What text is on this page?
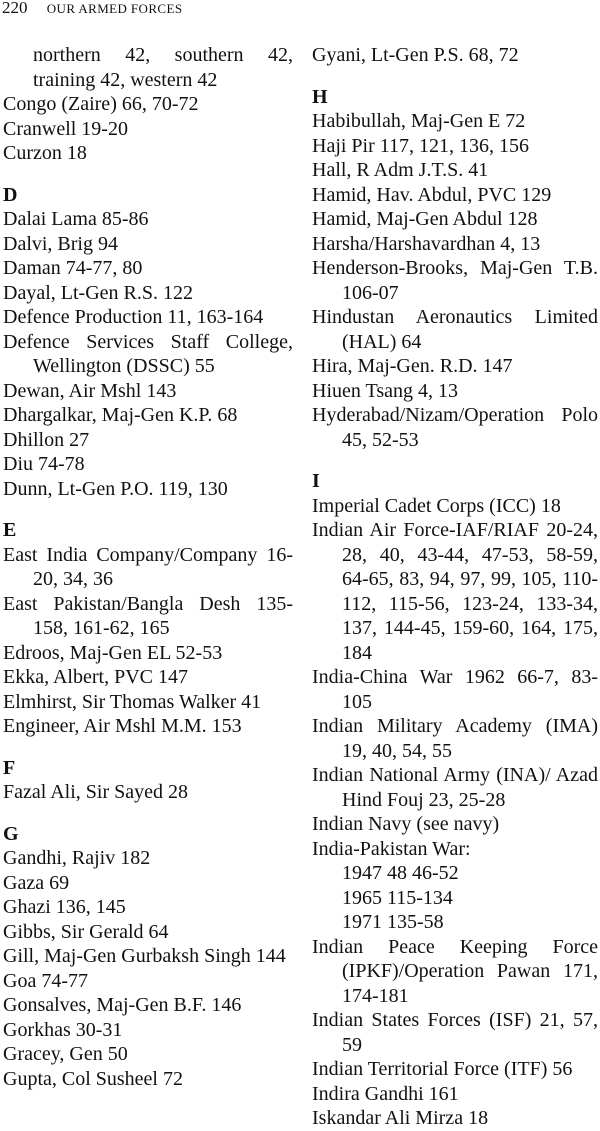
220 OUR ARMED FORCES
northern 42, southern 42, training 42, western 42
Congo (Zaire) 66, 70-72
Cranwell 19-20
Curzon 18
D
Dalai Lama 85-86
Dalvi, Brig 94
Daman 74-77, 80
Dayal, Lt-Gen R.S. 122
Defence Production 11, 163-164
Defence Services Staff College, Wellington (DSSC) 55
Dewan, Air Mshl 143
Dhargalkar, Maj-Gen K.P. 68
Dhillon 27
Diu 74-78
Dunn, Lt-Gen P.O. 119, 130
E
East India Company/Company 16-20, 34, 36
East Pakistan/Bangla Desh 135-158, 161-62, 165
Edroos, Maj-Gen EL 52-53
Ekka, Albert, PVC 147
Elmhirst, Sir Thomas Walker 41
Engineer, Air Mshl M.M. 153
F
Fazal Ali, Sir Sayed 28
G
Gandhi, Rajiv 182
Gaza 69
Ghazi 136, 145
Gibbs, Sir Gerald 64
Gill, Maj-Gen Gurbaksh Singh 144
Goa 74-77
Gonsalves, Maj-Gen B.F. 146
Gorkhas 30-31
Gracey, Gen 50
Gupta, Col Susheel 72
Gyani, Lt-Gen P.S. 68, 72
H
Habibullah, Maj-Gen E 72
Haji Pir 117, 121, 136, 156
Hall, R Adm J.T.S. 41
Hamid, Hav. Abdul, PVC 129
Hamid, Maj-Gen Abdul 128
Harsha/Harshavardhan 4, 13
Henderson-Brooks, Maj-Gen T.B. 106-07
Hindustan Aeronautics Limited (HAL) 64
Hira, Maj-Gen. R.D. 147
Hiuen Tsang 4, 13
Hyderabad/Nizam/Operation Polo 45, 52-53
I
Imperial Cadet Corps (ICC) 18
Indian Air Force-IAF/RIAF 20-24, 28, 40, 43-44, 47-53, 58-59, 64-65, 83, 94, 97, 99, 105, 110-112, 115-56, 123-24, 133-34, 137, 144-45, 159-60, 164, 175, 184
India-China War 1962 66-7, 83-105
Indian Military Academy (IMA) 19, 40, 54, 55
Indian National Army (INA)/ Azad Hind Fouj 23, 25-28
Indian Navy (see navy)
India-Pakistan War:
1947 48 46-52
1965 115-134
1971 135-58
Indian Peace Keeping Force (IPKF)/Operation Pawan 171, 174-181
Indian States Forces (ISF) 21, 57, 59
Indian Territorial Force (ITF) 56
Indira Gandhi 161
Iskandar Ali Mirza 18
